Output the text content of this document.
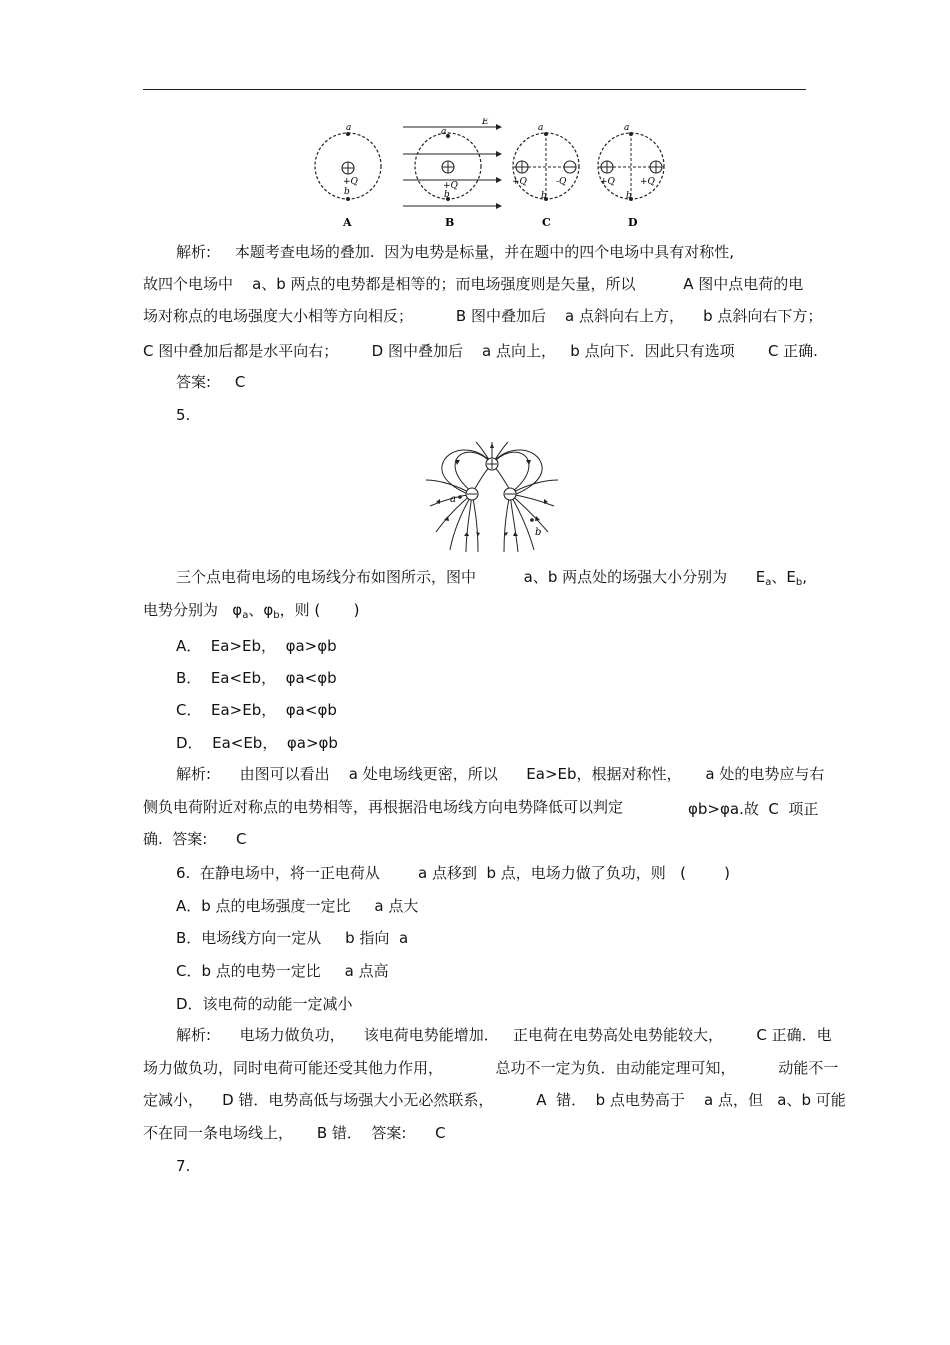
a
+Q
b
A
E
a
+Q
b
B
a
+Q	-Q
b
C
a
+Q	+Q
b
D
解析:     本题考查电场的叠加.  因为电势是标量，并在题中的四个电场中具有对称性,
故四个电场中    a、b 两点的电势都是相等的；而电场强度则是矢量，所以          A 图中点电荷的电
场对称点的电场强度大小相等方向相反；         B 图中叠加后    a 点斜向右上方，    b 点斜向右下方；
C 图中叠加后都是水平向右；       D 图中叠加后    a 点向上，   b 点向下．因此只有选项       C 正确.
答案:     C
5.
a
b
三个点电荷电场的电场线分布如图所示，图中          a、b 两点处的场强大小分别为      $E_a$、$E_b$,
电势分别为   $\varphi_a$、$\varphi_b$，则 (       )
A．  Ea>Eb，  φa>φb
B．  Ea<Eb，  φa<φb
C．  Ea>Eb，  φa<φb
D．  Ea<Eb，  φa>φb
解析:      由图可以看出    a 处电场线更密，所以      Ea>Eb，根据对称性，     a 处的电势应与右
侧负电荷附近对称点的电势相等，再根据沿电场线方向电势降低可以判定	φb>φa.故  C  项正
确.  答案:      C
6.  在静电场中，将一正电荷从        a 点移到  b 点，电场力做了负功，则   (        )
A．b 点的电场强度一定比     a 点大
B．电场线方向一定从     b 指向  a
C．b 点的电势一定比     a 点高
D．该电荷的动能一定减小
解析:      电场力做负功，    该电荷电势能增加．   正电荷在电势高处电势能较大，       C 正确．电
场力做负功，同时电荷可能还受其他力作用，           总功不一定为负．由动能定理可知，         动能不一
定减小，    D 错．电势高低与场强大小无必然联系，         A  错．  b 点电势高于    a 点，但   a、b 可能
不在同一条电场线上，     B 错．  答案:      C
7.
